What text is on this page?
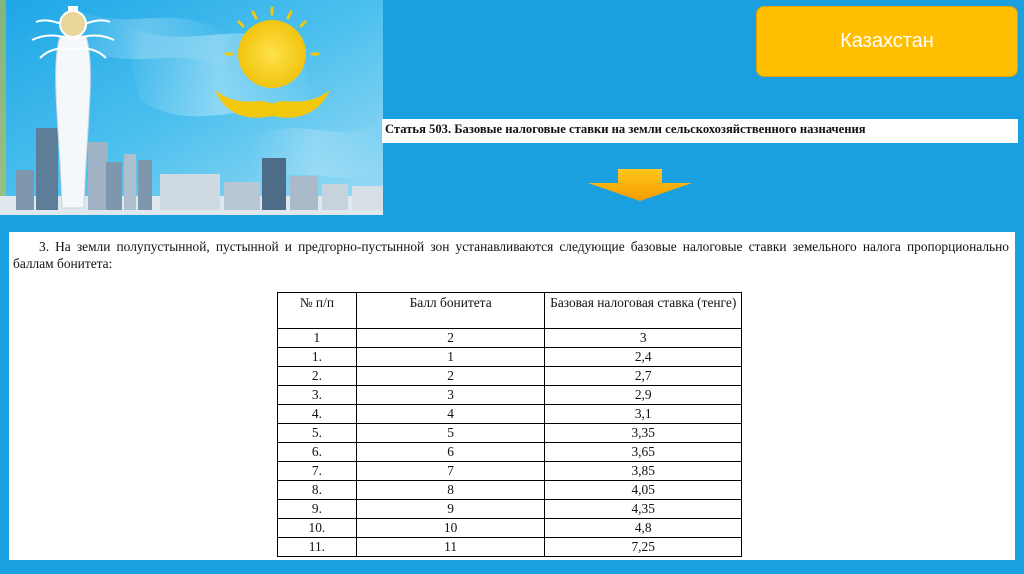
Казахстан
Статья 503. Базовые налоговые ставки на земли сельскохозяйственного назначения

3. На земли полупустынной, пустынной и предгорно-пустынной зон устанавливаются следующие базовые налоговые ставки земельного налога пропорционально баллам бонитета:

№ п/п	Балл бонитета	Базовая налоговая ставка (тенге)
1	2	3
1.	1	2,4
2.	2	2,7
3.	3	2,9
4.	4	3,1
5.	5	3,35
6.	6	3,65
7.	7	3,85
8.	8	4,05
9.	9	4,35
10.	10	4,8
11.	11	7,25
